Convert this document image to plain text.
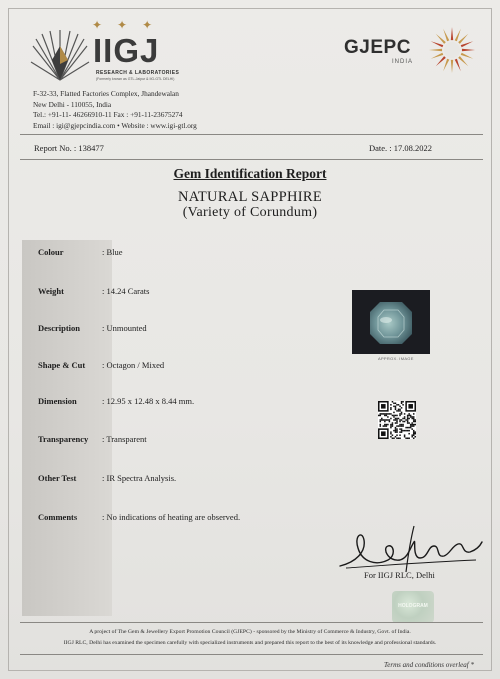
✦ ✦ ✦
IIGJ
RESEARCH & LABORATORIES
(Formerly known as GTL-Jaipur & IIG-GTL DELHI)
GJEPC
INDIA
F-32-33, Flatted Factories Complex, Jhandewalan
New Delhi - 110055, India
Tel.: +91-11- 46266910-11 Fax : +91-11-23675274
Email : igi@gjepcindia.com • Website : www.igi-gtl.org
Report No. : 138477	Date. : 17.08.2022
Gem Identification Report
NATURAL SAPPHIRE
(Variety of Corundum)
Colour	: Blue
Weight	: 14.24 Carats
Description	: Unmounted
Shape & Cut : Octagon / Mixed
Dimension	: 12.95 x 12.48 x 8.44 mm.
Transparency : Transparent
Other Test	: IR Spectra Analysis.
Comments	: No indications of heating are observed.
APPROX. IMAGE
For IIGJ RLC, Delhi
HOLOGRAM
A project of The Gem & Jewellery Export Promotion Council (GJEPC) - sponsored by the Ministry of Commerce & Industry, Govt. of India.
IIGJ RLC, Delhi has examined the specimen carefully with specialized instruments and prepared this report to the best of its knowledge and professional standards.
Terms and conditions overleaf *
